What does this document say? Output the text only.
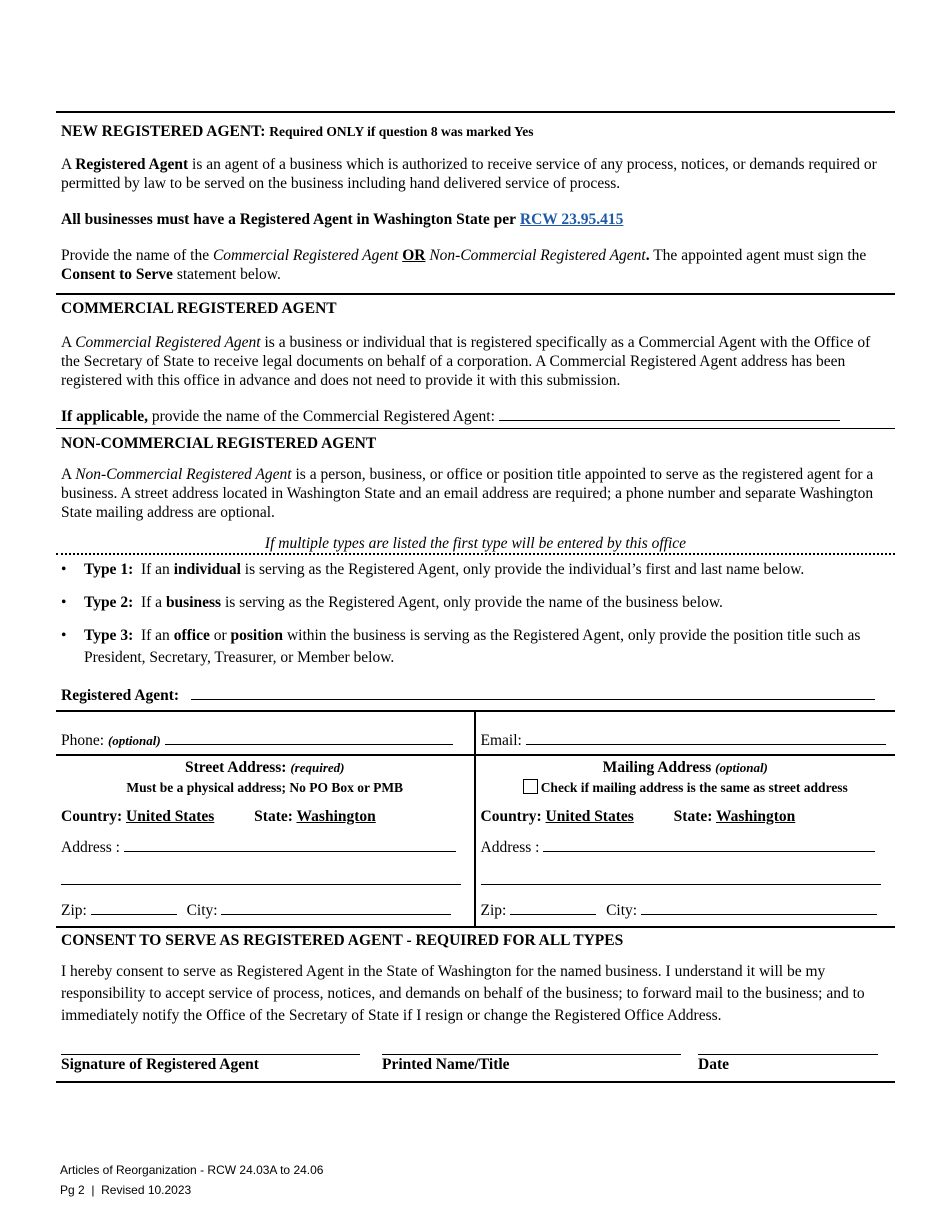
NEW REGISTERED AGENT: Required ONLY if question 8 was marked Yes

A Registered Agent is an agent of a business which is authorized to receive service of any process, notices, or demands required or permitted by law to be served on the business including hand delivered service of process.

All businesses must have a Registered Agent in Washington State per RCW 23.95.415

Provide the name of the Commercial Registered Agent OR Non-Commercial Registered Agent. The appointed agent must sign the Consent to Serve statement below.

COMMERCIAL REGISTERED AGENT

A Commercial Registered Agent is a business or individual that is registered specifically as a Commercial Agent with the Office of the Secretary of State to receive legal documents on behalf of a corporation. A Commercial Registered Agent address has been registered with this office in advance and does not need to provide it with this submission.

If applicable, provide the name of the Commercial Registered Agent:

NON-COMMERCIAL REGISTERED AGENT

A Non-Commercial Registered Agent is a person, business, or office or position title appointed to serve as the registered agent for a business. A street address located in Washington State and an email address are required; a phone number and separate Washington State mailing address are optional.

If multiple types are listed the first type will be entered by this office

• Type 1: If an individual is serving as the Registered Agent, only provide the individual’s first and last name below.
• Type 2: If a business is serving as the Registered Agent, only provide the name of the business below.
• Type 3: If an office or position within the business is serving as the Registered Agent, only provide the position title such as President, Secretary, Treasurer, or Member below.
Registered Agent:
Phone: (optional)	Email:
Street Address: (required)
Must be a physical address; No PO Box or PMB
Country: United States	State: Washington
Address :
Zip:	City:
Mailing Address (optional)
Check if mailing address is the same as street address
Country: United States	State: Washington
Address :
Zip:	City:
CONSENT TO SERVE AS REGISTERED AGENT - REQUIRED FOR ALL TYPES

I hereby consent to serve as Registered Agent in the State of Washington for the named business. I understand it will be my responsibility to accept service of process, notices, and demands on behalf of the business; to forward mail to the business; and to immediately notify the Office of the Secretary of State if I resign or change the Registered Office Address.

Signature of Registered Agent	Printed Name/Title	Date
Articles of Reorganization - RCW 24.03A to 24.06
Pg 2  |  Revised 10.2023
